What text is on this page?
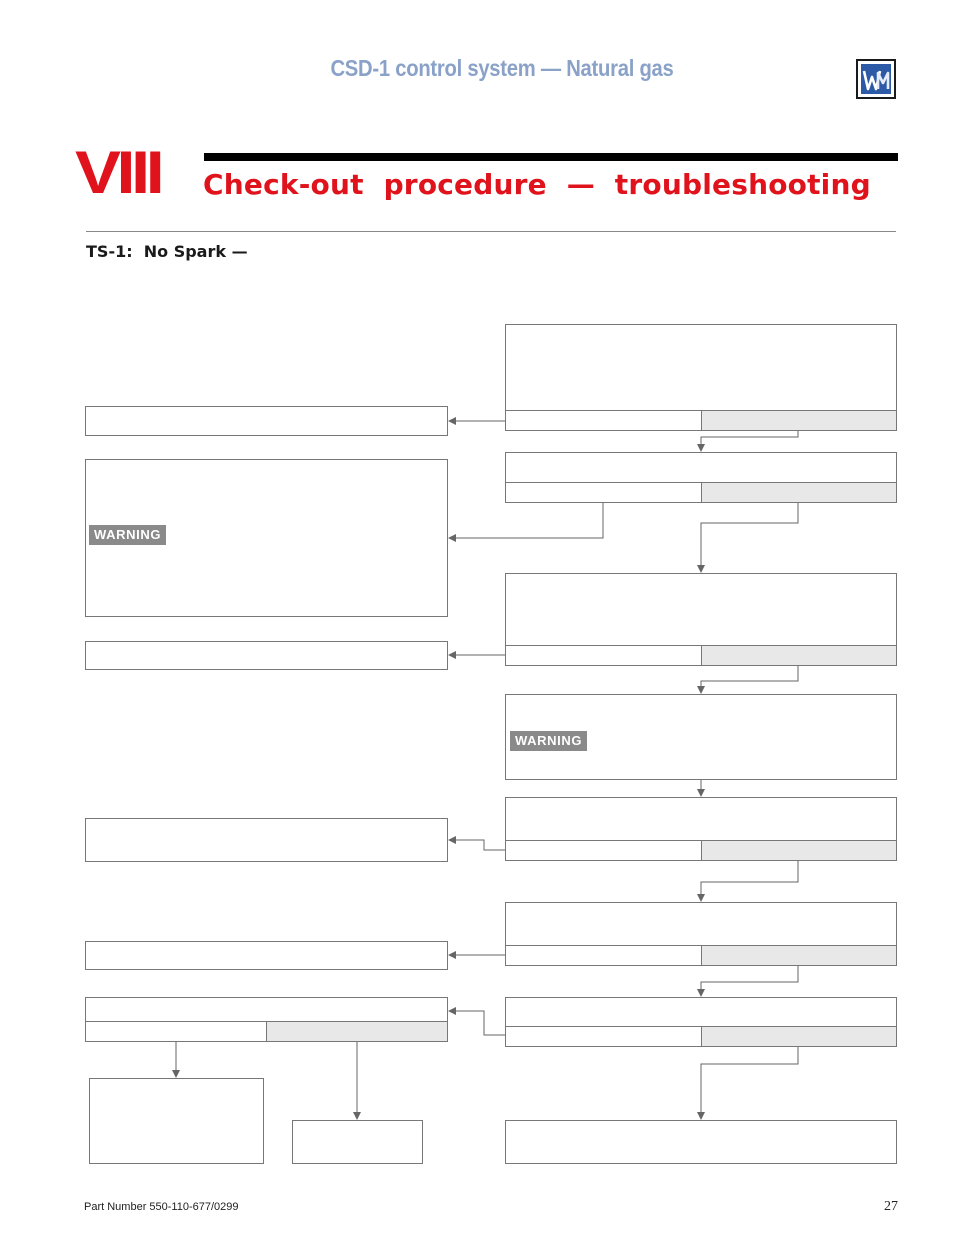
CSD-1 control system — Natural gas
VIII Check-out  procedure  —  troubleshooting
TS-1:  No Spark —
WARNING
WARNING
Part Number 550-110-677/0299	27
